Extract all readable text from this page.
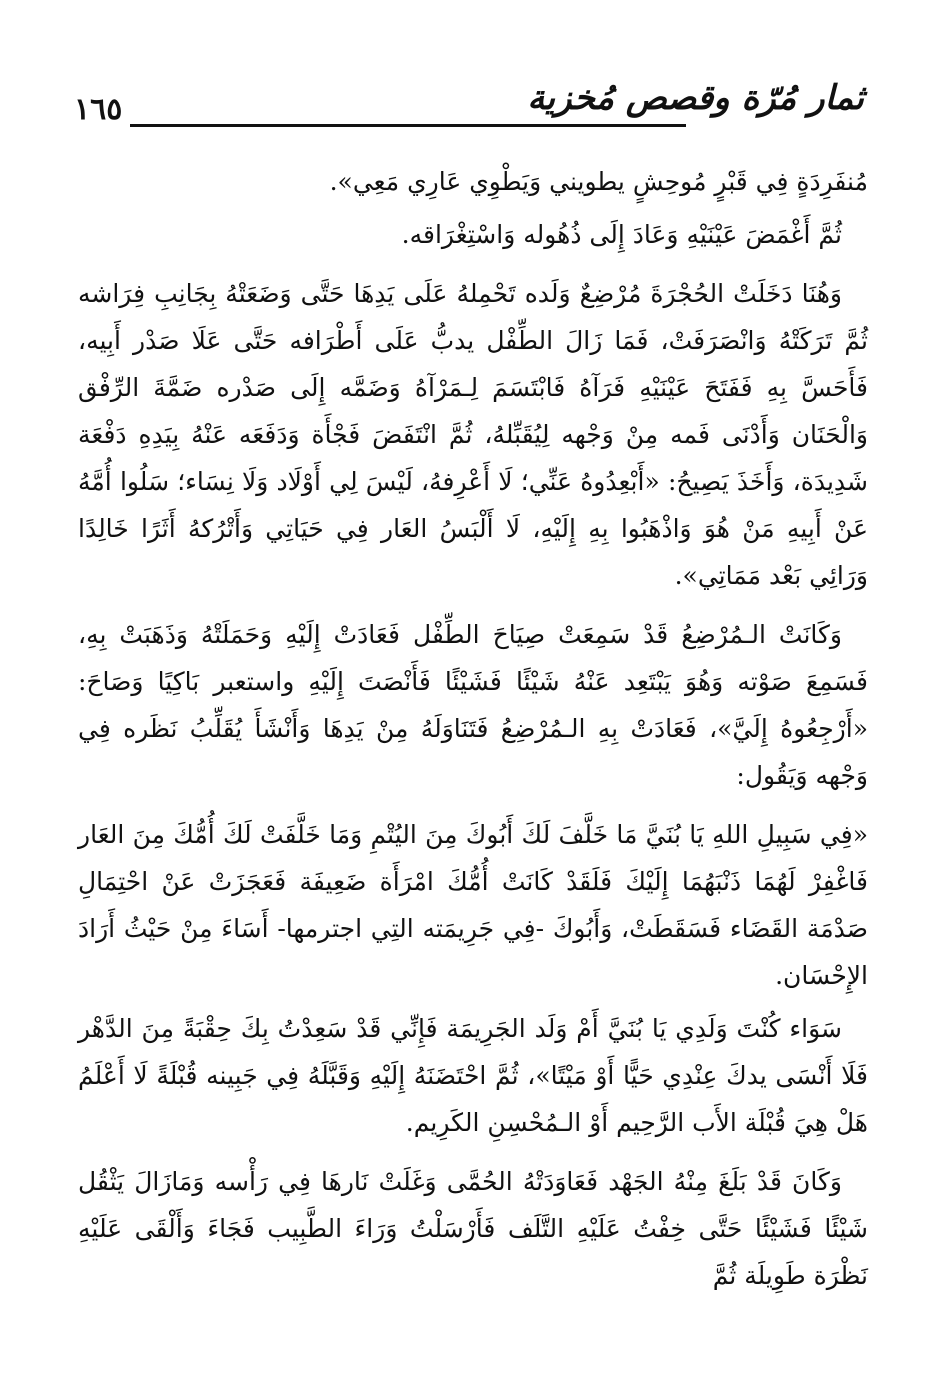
١٦٥	ثمار مُرّة وقصص مُخزية

مُنفَرِدَةٍ فِي قَبْرٍ مُوحِشٍ يطويني وَيَطْوِي عَارِي مَعِي».

ثُمَّ أَغْمَضَ عَيْنَيْهِ وَعَادَ إِلَى ذُهُوله وَاسْتِغْرَاقه.

وَهُنَا دَخَلَتْ الحُجْرَةَ مُرْضِعٌ وَلَده تَحْمِلهُ عَلَى يَدِهَا حَتَّى وَضَعَتْهُ بِجَانِبِ فِرَاشه ثُمَّ تَرَكَتْهُ وَانْصَرَفَتْ، فَمَا زَالَ الطِّفْل يدبُّ عَلَى أَطْرَافه حَتَّى عَلَا صَدْر أَبِيه، فَأَحَسَّ بِهِ فَفَتَحَ عَيْنَيْهِ فَرَآهُ فَابْتَسَمَ لِـمَرْآهُ وَضَمَّه إِلَى صَدْره ضَمَّةَ الرِّفْق وَالْحَنَان وَأَدْنَى فَمه مِنْ وَجْهه لِيُقَبِّلهُ، ثُمَّ انْتَفَضَ فَجْأَة وَدَفَعَه عَنْهُ بِيَدِهِ دَفْعَة شَدِيدَة، وَأَخَذَ يَصِيحُ: «أَبْعِدُوهُ عَنِّي؛ لَا أَعْرِفهُ، لَيْسَ لِي أَوْلَاد وَلَا نِسَاء؛ سَلُوا أُمَّهُ عَنْ أَبِيهِ مَنْ هُوَ وَاذْهَبُوا بِهِ إِلَيْهِ، لَا أَلْبَسُ العَار فِي حَيَاتِي وَأَتْرُكهُ أَثَرًا خَالِدًا وَرَائِي بَعْد مَمَاتِي».

وَكَانَتْ الـمُرْضِعُ قَدْ سَمِعَتْ صِيَاحَ الطِّفْل فَعَادَتْ إِلَيْهِ وَحَمَلَتْهُ وَذَهَبَتْ بِهِ، فَسَمِعَ صَوْته وَهُوَ يَبْتَعِد عَنْهُ شَيْئًا فَشَيْئًا فَأَنْصَتَ إِلَيْهِ واستعبر بَاكِيًا وَصَاحَ: «أَرْجِعُوهُ إِلَيَّ»، فَعَادَتْ بِهِ الـمُرْضِعُ فَتَنَاوَلَهُ مِنْ يَدِهَا وَأَنْشَأَ يُقَلِّبُ نَظَره فِي وَجْهه وَيَقُول:

«فِي سَبِيلِ اللهِ يَا بُنَيَّ مَا خَلَّفَ لَكَ أَبُوكَ مِنَ اليُتْمِ وَمَا خَلَّفَتْ لَكَ أُمُّكَ مِنَ العَار فَاغْفِرْ لَهُمَا ذَنْبَهُمَا إِلَيْكَ فَلَقَدْ كَانَتْ أُمُّكَ امْرَأَة ضَعِيفَة فَعَجَزَتْ عَنْ احْتِمَالِ صَدْمَة القَضَاء فَسَقَطَتْ، وَأَبُوكَ -فِي جَرِيمَته التِي اجترمها- أَسَاءَ مِنْ حَيْثُ أَرَادَ الإِحْسَان.

سَوَاء كُنْتَ وَلَدِي يَا بُنَيَّ أَمْ وَلَد الجَرِيمَة فَإِنِّي قَدْ سَعِدْتُ بِكَ حِقْبَةً مِنَ الدَّهْر فَلَا أَنْسَى يدكَ عِنْدِي حَيًّا أَوْ مَيْتًا»، ثُمَّ احْتَضَنَهُ إِلَيْهِ وَقَبَّلَهُ فِي جَبِينه قُبْلَةً لَا أَعْلَمُ هَلْ هِيَ قُبْلَة الأَب الرَّحِيم أَوْ الـمُحْسِنِ الكَرِيم.

وَكَانَ قَدْ بَلَغَ مِنْهُ الجَهْد فَعَاوَدَتْهُ الحُمَّى وَغَلَتْ نَارهَا فِي رَأْسه وَمَازَالَ يَثْقُل شَيْئًا فَشَيْئًا حَتَّى خِفْتُ عَلَيْهِ التَّلَف فَأَرْسَلْتُ وَرَاءَ الطَّبِيب فَجَاءَ وَأَلْقَى عَلَيْهِ نَظْرَة طَوِيلَة ثُمَّ
